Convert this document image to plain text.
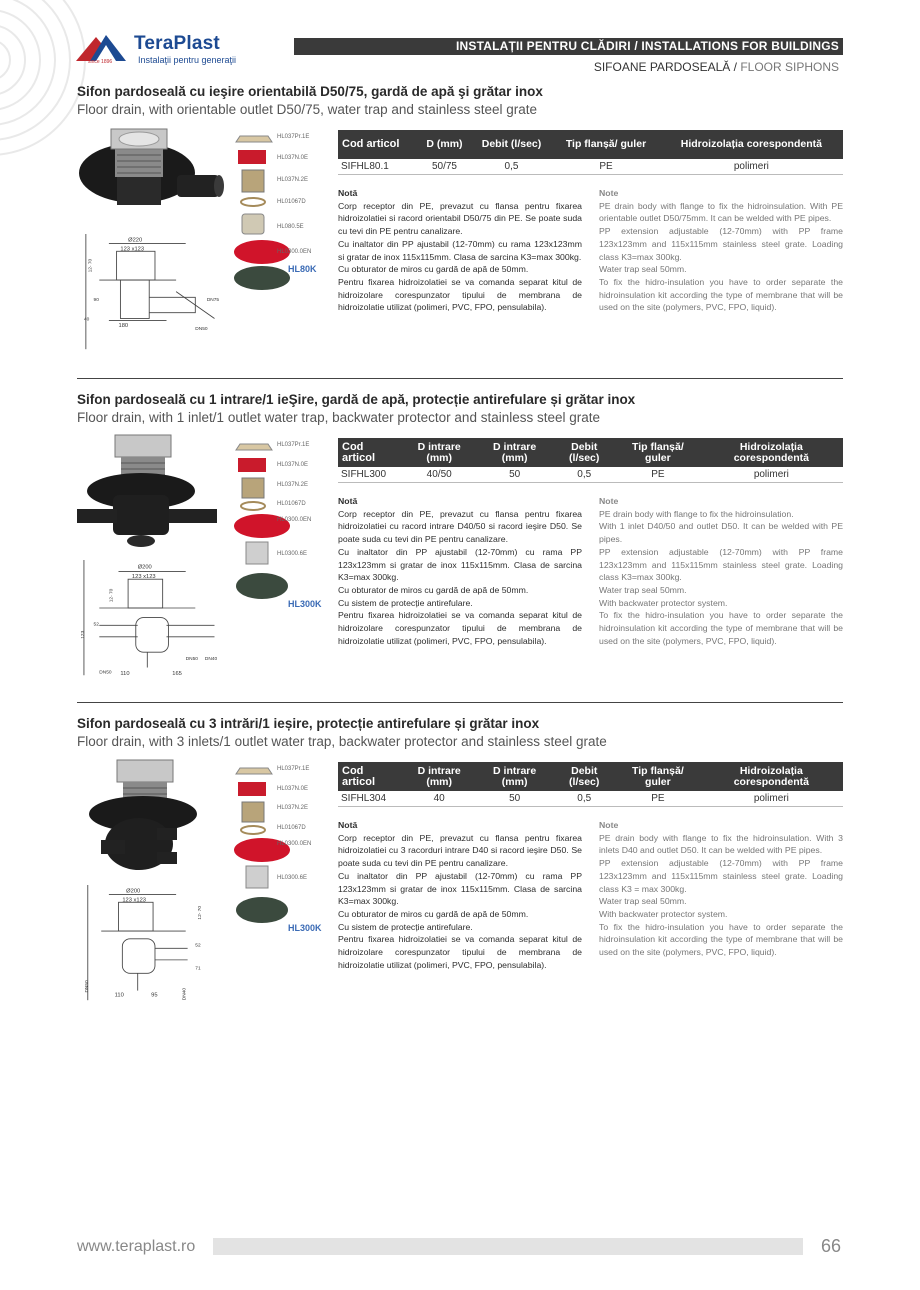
since 1896
TeraPlast
Instalaţii pentru generaţii
INSTALAȚII PENTRU CLĂDIRI / INSTALLATIONS FOR BUILDINGS
SIFOANE PARDOSEALĂ / FLOOR SIPHONS
Sifon pardoseală cu ieşire orientabilă D50/75, gardă de apă şi grătar inox
Floor drain, with orientable outlet D50/75, water trap and stainless steel grate
Ø220
123 x123
12- 70
90
180
DN75
DN50
40
HL037Pr.1E
HL037N.0E
HL037N.2E
HL01067D
HL080.5E
HL0300.0EN
HL80K
Cod articol	D (mm)	Debit (l/sec)	Tip flanșă/ guler	Hidroizolația corespondentă
SIFHL80.1	50/75	0,5	PE	polimeri
Notă

Corp receptor din PE, prevazut cu flansa pentru fixarea hidroizolatiei si racord orientabil D50/75 din PE. Se poate suda cu tevi din PE pentru canalizare.

Cu inaltator din PP ajustabil (12-70mm) cu rama 123x123mm si gratar de inox 115x115mm. Clasa de sarcina K3=max 300kg.

Cu obturator de miros cu gardă de apă de 50mm.

Pentru fixarea hidroizolatiei se va comanda separat kitul de hidroizolare corespunzator tipului de membrana de hidroizolatie utilizat (polimeri, PVC, FPO, pensulabila).

Note

PE drain body with flange to fix the hidroinsulation. With PE orientable outlet D50/75mm. It can be welded with PE pipes.

PP extension adjustable (12-70mm) with PP frame 123x123mm and 115x115mm stainless steel grate. Loading class K3=max 300kg.

Water trap seal 50mm.

To fix the hidro-insulation you have to order separate the hidroinsulation kit according the type of membrane that will be used on the site (polymers, PVC, FPO, liquid).

Sifon pardoseală cu 1 intrare/1 ieŞire, gardă de apă, protecție antirefulare și grătar inox
Floor drain, with 1 inlet/1 outlet water trap, backwater protector and stainless steel grate
Ø200
123 x123
12- 70
52
123
DN50 110	165
DN50 DN40
HL037Pr.1E
HL037N.0E
HL037N.2E
HL01067D
HL0300.0EN
HL0300.6E
HL300K
Cod articol	D intrare (mm)	D intrare (mm)	Debit (l/sec)	Tip flanșă/ guler	Hidroizolația corespondentă
SIFHL300	40/50	50	0,5	PE	polimeri
Notă

Corp receptor din PE, prevazut cu flansa pentru fixarea hidroizolatiei cu racord intrare D40/50 si racord ieşire D50. Se poate suda cu tevi din PE pentru canalizare.

Cu inaltator din PP ajustabil (12-70mm) cu rama PP 123x123mm si gratar de inox 115x115mm. Clasa de sarcina K3=max 300kg.

Cu obturator de miros cu gardă de apă de 50mm.

Cu sistem de protecție antirefulare.

Pentru fixarea hidroizolatiei se va comanda separat kitul de hidroizolare corespunzator tipului de membrana de hidroizolatie utilizat (polimeri, PVC, FPO, pensulabila).

Note

PE drain body with flange to fix the hidroinsulation.

With 1 inlet D40/50 and outlet D50. It can be welded with PE pipes.

PP extension adjustable (12-70mm) with PP frame 123x123mm and 115x115mm stainless steel grate. Loading class K3=max 300kg.

Water trap seal 50mm.

With backwater protector system.

To fix the hidro-insulation you have to order separate the hidroinsulation kit according the type of membrane that will be used on the site (polymers, PVC, FPO, liquid).

Sifon pardoseală cu 3 intrări/1 ieșire, protecție antirefulare și grătar inox
Floor drain, with 3 inlets/1 outlet water trap, backwater protector and stainless steel grate
Ø200
123 x123
12- 70
52
71
DN50
110	95	DN40
HL037Pr.1E
HL037N.0E
HL037N.2E
HL01067D
HL0300.0EN
HL0300.6E
HL300K
Cod articol	D intrare (mm)	D intrare (mm)	Debit (l/sec)	Tip flanșă/ guler	Hidroizolația corespondentă
SIFHL304	40	50	0,5	PE	polimeri
Notă

Corp receptor din PE, prevazut cu flansa pentru fixarea hidroizolatiei cu 3 racorduri intrare D40 si racord ieşire D50. Se poate suda cu tevi din PE pentru canalizare.

Cu inaltator din PP ajustabil (12-70mm) cu rama PP 123x123mm si gratar de inox 115x115mm. Clasa de sarcina K3=max 300kg.

Cu obturator de miros cu gardă de apă de 50mm.

Cu sistem de protecție antirefulare.

Pentru fixarea hidroizolatiei se va comanda separat kitul de hidroizolare corespunzator tipului de membrana de hidroizolatie utilizat (polimeri, PVC, FPO, pensulabila).

Note

PE drain body with flange to fix the hidroinsulation. With 3 inlets D40 and outlet D50. It can be welded with PE pipes.

PP extension adjustable (12-70mm) with PP frame 123x123mm and 115x115mm stainless steel grate. Loading class K3 = max 300kg.

Water trap seal 50mm.

With backwater protector system.

To fix the hidro-insulation you have to order separate the hidroinsulation kit according the type of membrane that will be used on the site (polymers, PVC, FPO, liquid).

www.teraplast.ro	66
